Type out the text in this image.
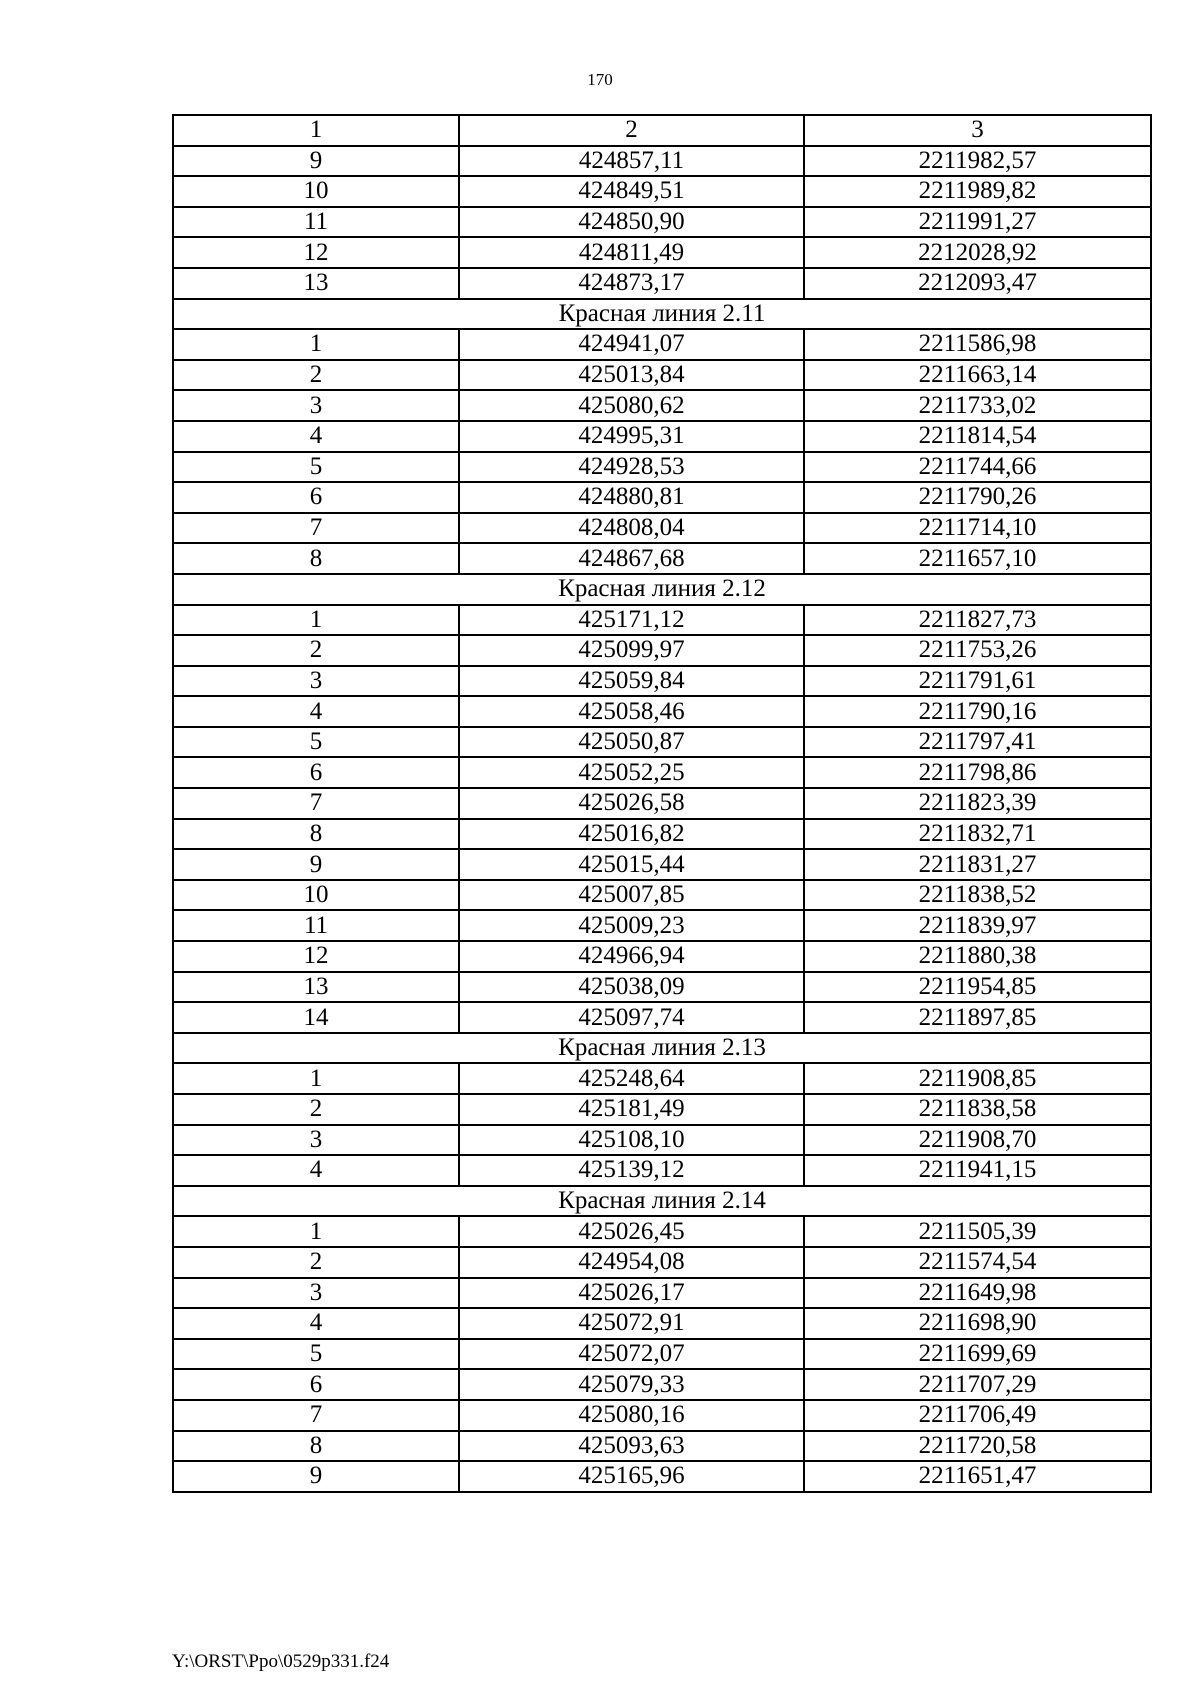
170
1	2	3
9	424857,11	2211982,57
10	424849,51	2211989,82
11	424850,90	2211991,27
12	424811,49	2212028,92
13	424873,17	2212093,47
Красная линия 2.11		
1	424941,07	2211586,98
2	425013,84	2211663,14
3	425080,62	2211733,02
4	424995,31	2211814,54
5	424928,53	2211744,66
6	424880,81	2211790,26
7	424808,04	2211714,10
8	424867,68	2211657,10
Красная линия 2.12		
1	425171,12	2211827,73
2	425099,97	2211753,26
3	425059,84	2211791,61
4	425058,46	2211790,16
5	425050,87	2211797,41
6	425052,25	2211798,86
7	425026,58	2211823,39
8	425016,82	2211832,71
9	425015,44	2211831,27
10	425007,85	2211838,52
11	425009,23	2211839,97
12	424966,94	2211880,38
13	425038,09	2211954,85
14	425097,74	2211897,85
Красная линия 2.13		
1	425248,64	2211908,85
2	425181,49	2211838,58
3	425108,10	2211908,70
4	425139,12	2211941,15
Красная линия 2.14		
1	425026,45	2211505,39
2	424954,08	2211574,54
3	425026,17	2211649,98
4	425072,91	2211698,90
5	425072,07	2211699,69
6	425079,33	2211707,29
7	425080,16	2211706,49
8	425093,63	2211720,58
9	425165,96	2211651,47
Y:\ORST\Ppo\0529p331.f24
